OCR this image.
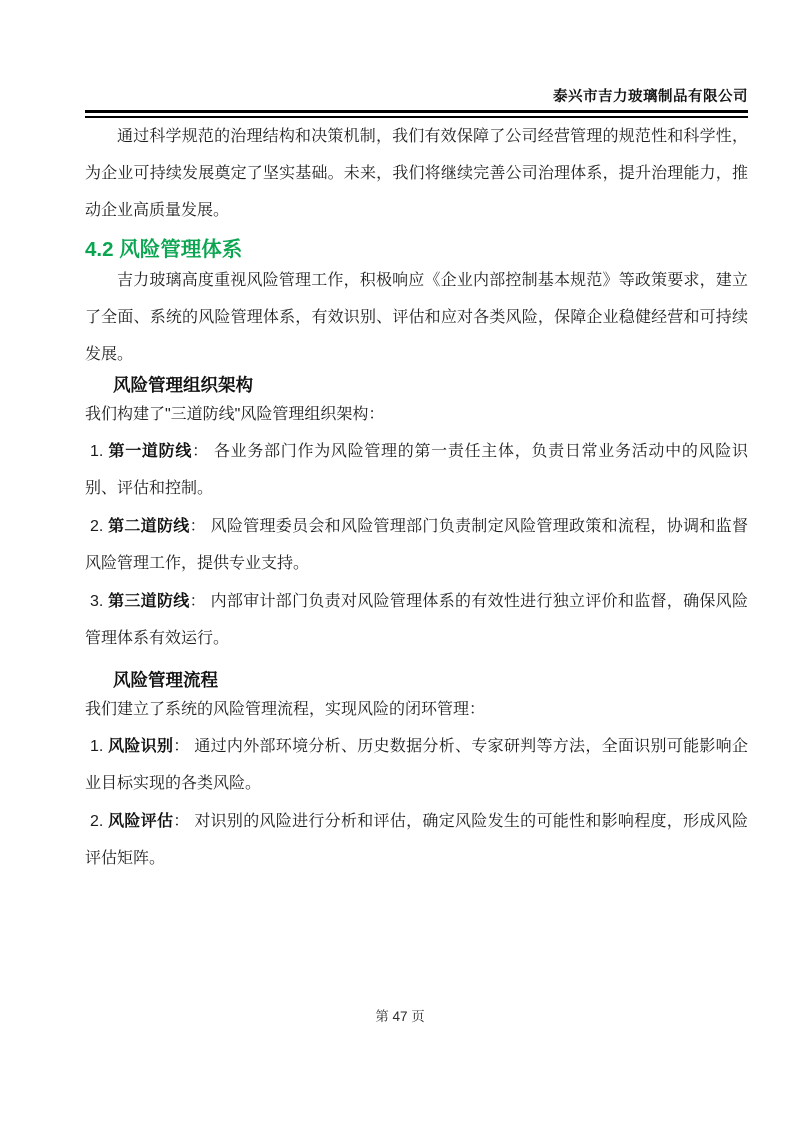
泰兴市吉力玻璃制品有限公司

通过科学规范的治理结构和决策机制，我们有效保障了公司经营管理的规范性和科学性，为企业可持续发展奠定了坚实基础。未来，我们将继续完善公司治理体系，提升治理能力，推动企业高质量发展。

4.2 风险管理体系

吉力玻璃高度重视风险管理工作，积极响应《企业内部控制基本规范》等政策要求，建立了全面、系统的风险管理体系，有效识别、评估和应对各类风险，保障企业稳健经营和可持续发展。

风险管理组织架构

我们构建了"三道防线"风险管理组织架构：

1. 第一道防线： 各业务部门作为风险管理的第一责任主体，负责日常业务活动中的风险识别、评估和控制。

2. 第二道防线： 风险管理委员会和风险管理部门负责制定风险管理政策和流程，协调和监督风险管理工作，提供专业支持。

3. 第三道防线： 内部审计部门负责对风险管理体系的有效性进行独立评价和监督，确保风险管理体系有效运行。

风险管理流程

我们建立了系统的风险管理流程，实现风险的闭环管理：

1. 风险识别： 通过内外部环境分析、历史数据分析、专家研判等方法，全面识别可能影响企业目标实现的各类风险。

2. 风险评估： 对识别的风险进行分析和评估，确定风险发生的可能性和影响程度，形成风险评估矩阵。

第 47 页
